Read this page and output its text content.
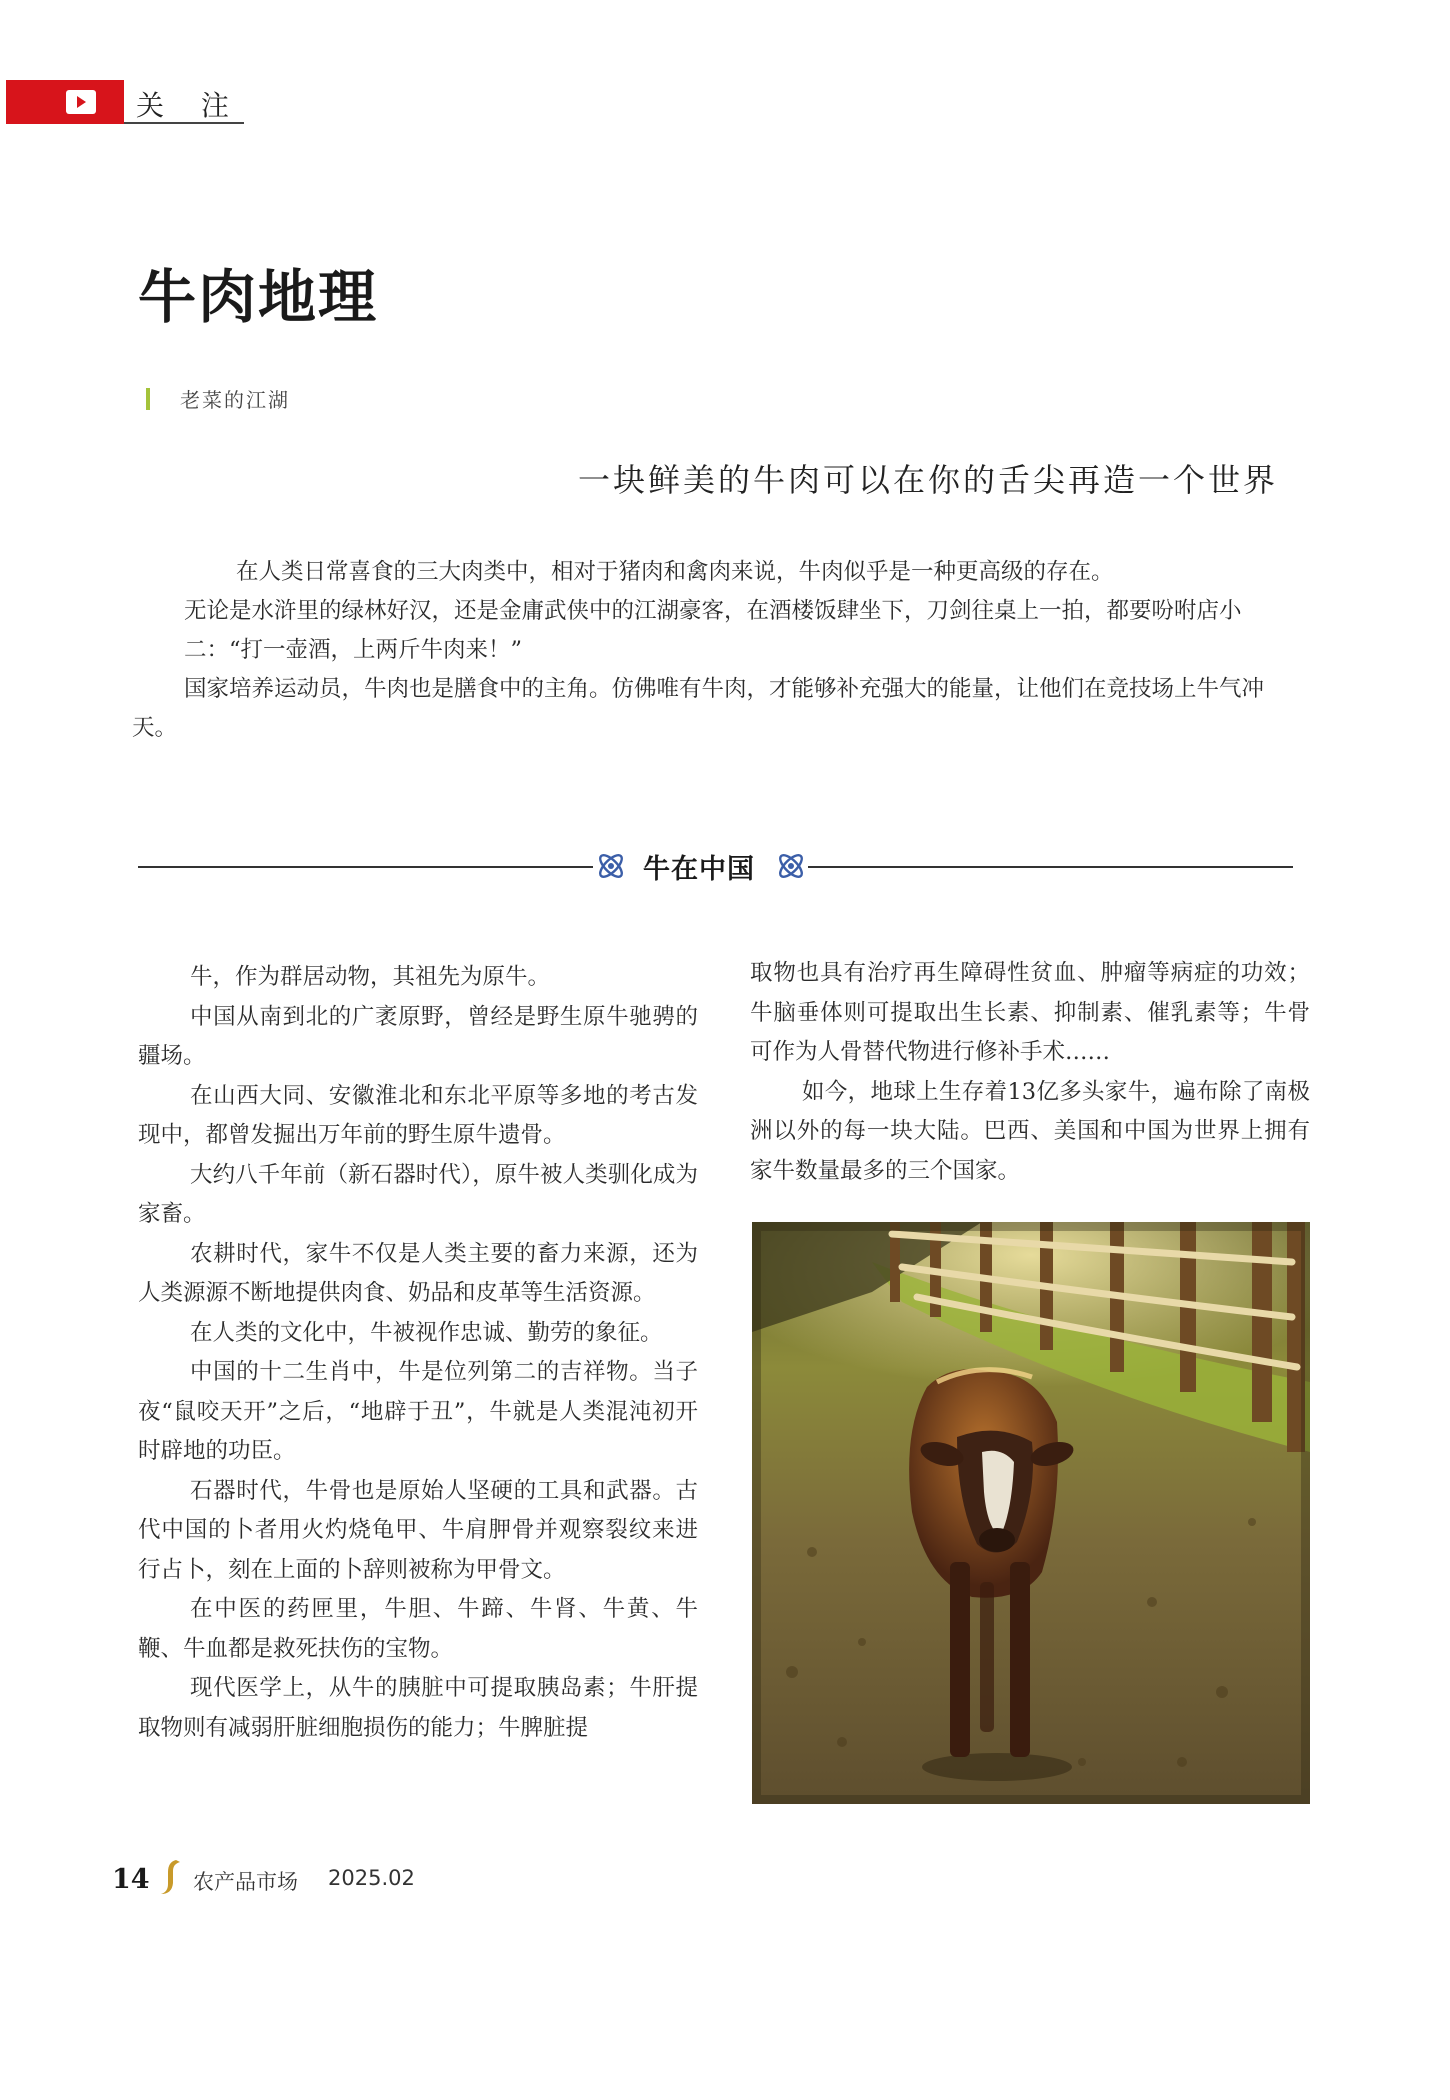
关 注
牛肉地理
老菜的江湖
一块鲜美的牛肉可以在你的舌尖再造一个世界

在人类日常喜食的三大肉类中，相对于猪肉和禽肉来说，牛肉似乎是一种更高级的存在。

无论是水浒里的绿林好汉，还是金庸武侠中的江湖豪客，在酒楼饭肆坐下，刀剑往桌上一拍，都要吩咐店小二：“打一壶酒，上两斤牛肉来！”

国家培养运动员，牛肉也是膳食中的主角。仿佛唯有牛肉，才能够补充强大的能量，让他们在竞技场上牛气冲天。

牛在中国

牛，作为群居动物，其祖先为原牛。

中国从南到北的广袤原野，曾经是野生原牛驰骋的疆场。

在山西大同、安徽淮北和东北平原等多地的考古发现中，都曾发掘出万年前的野生原牛遗骨。

大约八千年前（新石器时代），原牛被人类驯化成为家畜。

农耕时代，家牛不仅是人类主要的畜力来源，还为人类源源不断地提供肉食、奶品和皮革等生活资源。

在人类的文化中，牛被视作忠诚、勤劳的象征。

中国的十二生肖中，牛是位列第二的吉祥物。当子夜“鼠咬天开”之后，“地辟于丑”，牛就是人类混沌初开时辟地的功臣。

石器时代，牛骨也是原始人坚硬的工具和武器。古代中国的卜者用火灼烧龟甲、牛肩胛骨并观察裂纹来进行占卜，刻在上面的卜辞则被称为甲骨文。

在中医的药匣里，牛胆、牛蹄、牛肾、牛黄、牛鞭、牛血都是救死扶伤的宝物。

现代医学上，从牛的胰脏中可提取胰岛素；牛肝提取物则有减弱肝脏细胞损伤的能力；牛脾脏提

取物也具有治疗再生障碍性贫血、肿瘤等病症的功效；牛脑垂体则可提取出生长素、抑制素、催乳素等；牛骨可作为人骨替代物进行修补手术……

如今，地球上生存着13亿多头家牛，遍布除了南极洲以外的每一块大陆。巴西、美国和中国为世界上拥有家牛数量最多的三个国家。

14 农产品市场 2025.02
